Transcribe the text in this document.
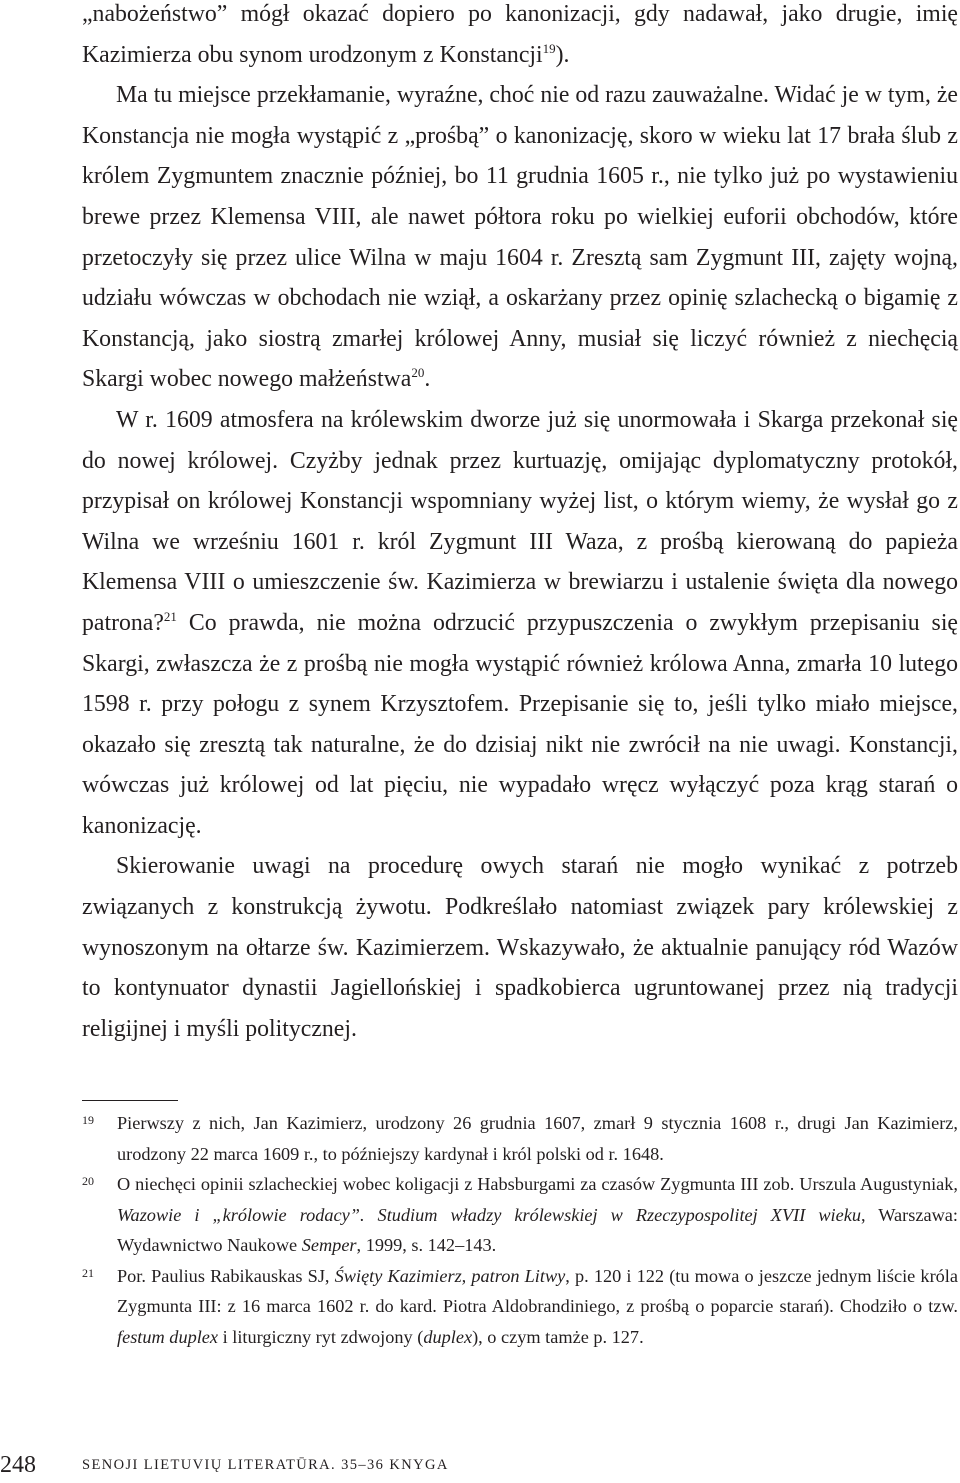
„nabożeństwo” mógł okazać dopiero po kanonizacji, gdy nadawał, jako drugie, imię Kazimierza obu synom urodzonym z Konstancji$^{19}$).

Ma tu miejsce przekłamanie, wyraźne, choć nie od razu zauważalne. Widać je w tym, że Konstancja nie mogła wystąpić z „prośbą” o kanonizację, skoro w wieku lat 17 brała ślub z królem Zygmuntem znacznie później, bo 11 grudnia 1605 r., nie tylko już po wystawieniu brewe przez Klemensa VIII, ale nawet półtora roku po wielkiej euforii obchodów, które przetoczyły się przez ulice Wilna w maju 1604 r. Zresztą sam Zygmunt III, zajęty wojną, udziału wówczas w obchodach nie wziął, a oskarżany przez opinię szlachecką o bigamię z Konstancją, jako siostrą zmarłej królowej Anny, musiał się liczyć również z niechęcią Skargi wobec nowego małżeństwa$^{20}$.

W r. 1609 atmosfera na królewskim dworze już się unormowała i Skarga przekonał się do nowej królowej. Czyżby jednak przez kurtuazję, omijając dyplomatyczny protokół, przypisał on królowej Konstancji wspomniany wyżej list, o którym wiemy, że wysłał go z Wilna we wrześniu 1601 r. król Zygmunt III Waza, z prośbą kierowaną do papieża Klemensa VIII o umieszczenie św. Kazimierza w brewiarzu i ustalenie święta dla nowego patrona?$^{21}$ Co prawda, nie można odrzucić przypuszczenia o zwykłym przepisaniu się Skargi, zwłaszcza że z prośbą nie mogła wystąpić również królowa Anna, zmarła 10 lutego 1598 r. przy połogu z synem Krzysztofem. Przepisanie się to, jeśli tylko miało miejsce, okazało się zresztą tak naturalne, że do dzisiaj nikt nie zwrócił na nie uwagi. Konstancji, wówczas już królowej od lat pięciu, nie wypadało wręcz wyłączyć poza krąg starań o kanonizację.

Skierowanie uwagi na procedurę owych starań nie mogło wynikać z potrzeb związanych z konstrukcją żywotu. Podkreślało natomiast związek pary królewskiej z wynoszonym na ołtarze św. Kazimierzem. Wskazywało, że aktualnie panujący ród Wazów to kontynuator dynastii Jagiellońskiej i spadkobierca ugruntowanej przez nią tradycji religijnej i myśli politycznej.

19 Pierwszy z nich, Jan Kazimierz, urodzony 26 grudnia 1607, zmarł 9 stycznia 1608 r., drugi Jan Kazimierz, urodzony 22 marca 1609 r., to późniejszy kardynał i król polski od r. 1648.

20 O niechęci opinii szlacheckiej wobec koligacji z Habsburgami za czasów Zygmunta III zob. Urszula Augustyniak, Wazowie i „królowie rodacy”. Studium władzy królewskiej w Rzeczypospolitej XVII wieku, Warszawa: Wydawnictwo Naukowe Semper, 1999, s. 142–143.

21 Por. Paulius Rabikauskas SJ, Święty Kazimierz, patron Litwy, p. 120 i 122 (tu mowa o jeszcze jednym liście króla Zygmunta III: z 16 marca 1602 r. do kard. Piotra Aldobrandiniego, z prośbą o poparcie starań). Chodziło o tzw. festum duplex i liturgiczny ryt zdwojony (duplex), o czym tamże p. 127.

248	SENOJI LIETUVIŲ LITERATŪRA. 35–36 KNYGA
